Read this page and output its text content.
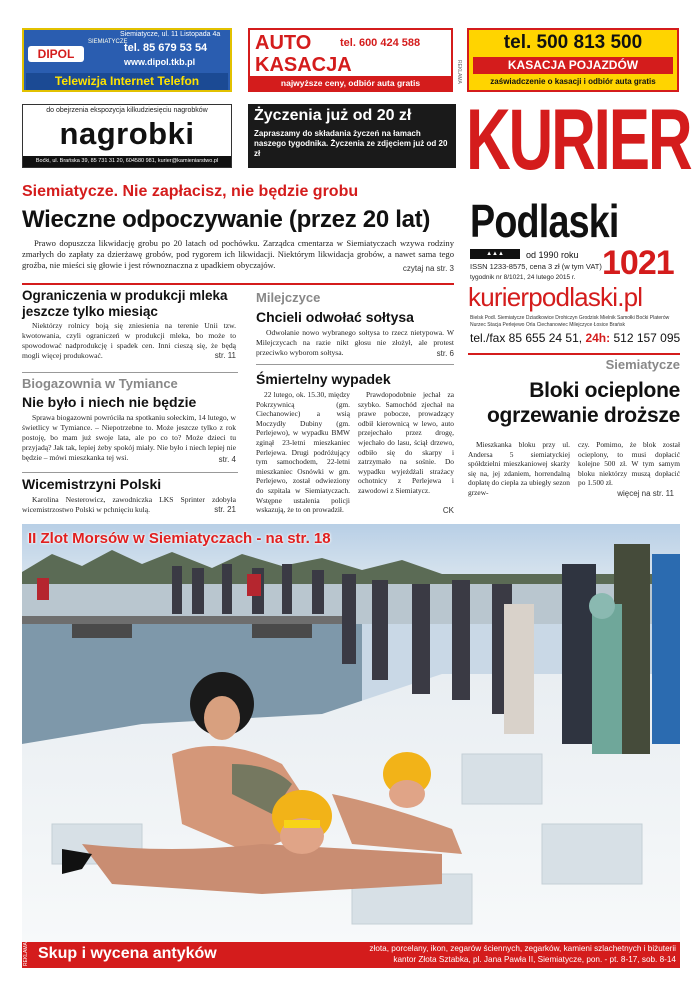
DIPOL
SIEMIATYCZE
Siemiatycze, ul. 11 Listopada 4a
tel. 85 679 53 54
www.dipol.tkb.pl
Telewizja Internet Telefon
AUTO	tel. 600 424 588
KASACJA
najwyższe ceny, odbiór auta gratis	REKLAMA
tel. 500 813 500
KASACJA POJAZDÓW
zaświadczenie o kasacji i odbiór auta gratis
do obejrzenia ekspozycja kilkudziesięciu nagrobków
nagrobki
Boćki, ul. Brańska 39, 85 731 31 20, 604580 981, kurier@kamieniarstwo.pl
Życzenia już od 20 zł
Zapraszamy do składania życzeń na łamach naszego tygodnika. Życzenia ze zdjęciem już od 20 zł	KURIER
Podlaski
▲▲▲	od 1990 roku
ISSN 1233-8575, cena 3 zł (w tym VAT)
tygodnik nr 8/1021, 24 lutego 2015 r. 1021
kurierpodlaski.pl
Bielsk Podl. Siemiatycze Dziadkowice Drohiczyn Grodzisk Mielnik Samołki Boćki Platerów Nurzec Stacja Perlejewo Orla Ciechanowiec Milejczyce Łosice Brańsk
tel./fax 85 655 24 51, 24h: 512 157 095
Siemiatycze. Nie zapłacisz, nie będzie grobu
Wieczne odpoczywanie (przez 20 lat)
Prawo dopuszcza likwidację grobu po 20 latach od pochówku. Zarządca cmentarza w Siemiatyczach wzywa rodziny zmarłych do zapłaty za dzierżawę grobów, pod rygorem ich likwidacji. Niektórym likwidacja grobów, a nawet sama tego groźba, nie mieści się głowie i jest równoznaczna z upadkiem obyczajów.	czytaj na str. 3
Ograniczenia w produkcji mleka jeszcze tylko miesiąc
Niektórzy rolnicy boją się zniesienia na terenie Unii tzw. kwotowania, czyli ograniczeń w produkcji mleka, bo może to spowodować nadprodukcję i spadek cen. Inni cieszą się, że będą mogli więcej produkować.	str. 11
Biogazownia w Tymiance
Nie było i niech nie będzie
Sprawa biogazowni powróciła na spotkaniu sołeckim, 14 lutego, w świetlicy w Tymiance. – Niepotrzebne to. Może jeszcze tylko z rok postoję, bo mam już swoje lata, ale po co to? Może dzieci tu przyjadą? Jak tak, lepiej żeby spokój miały. Nie było i niech lepiej nie będzie – mówi mieszkanka tej wsi.	str. 4
Wicemistrzyni Polski
Karolina Nesterowicz, zawodniczka LKS Sprinter zdobyła wicemistrzostwo Polski w pchnięciu kulą.	str. 21
Milejczyce
Chcieli odwołać sołtysa
Odwołanie nowo wybranego sołtysa to rzecz nietypowa. W Milejczycach na razie nikt głosu nie złożył, ale protest przeciwko wyborom sołtysa.	str. 6
Śmiertelny wypadek
22 lutego, ok. 15.30, między Pokrzywnicą (gm. Ciechanowiec) a wsią Moczydły Dubiny (gm. Perlejewo), w wypadku BMW zginął 23-letni mieszkaniec Perlejewa. Drugi podróżujący tym samochodem, 22-letni mieszkaniec Osnówki w gm. Perlejewo, został odwieziony do szpitala w Siemiatyczach. Wstępne ustalenia policji wskazują, że to on prowadził.
Prawdopodobnie jechał za szybko. Samochód zjechał na prawe pobocze, prowadzący odbił kierownicą w lewo, auto przejechało przez drogę, wjechało do lasu, ściął drzewo, odbiło się do skarpy i zatrzymało na sośnie. Do wypadku wyjeżdżali strażacy ochotnicy z Perlejewa i zawodowi z Siemiatycz.
CK
Siemiatycze
Bloki ocieplone ogrzewanie droższe
Mieszkanka bloku przy ul. Andersa 5 siemiatyckiej spółdzielni mieszkaniowej skarży się na, jej zdaniem, horrendalną dopłatę do ciepła za ubiegły sezon grzew-
czy. Pomimo, że blok został ocieplony, to musi dopłacić kolejne 500 zł. W tym samym bloku niektórzy muszą dopłacić po 1.500 zł.
więcej na str. 11
II Zlot Morsów w Siemiatyczach - na str. 18
REKLAMA Skup i wycena antyków	złota, porcelany, ikon, zegarów ściennych, zegarków, kamieni szlachetnych i biżuterii
kantor Złota Sztabka, pl. Jana Pawła II, Siemiatycze, pon. - pt. 8-17, sob. 8-14
